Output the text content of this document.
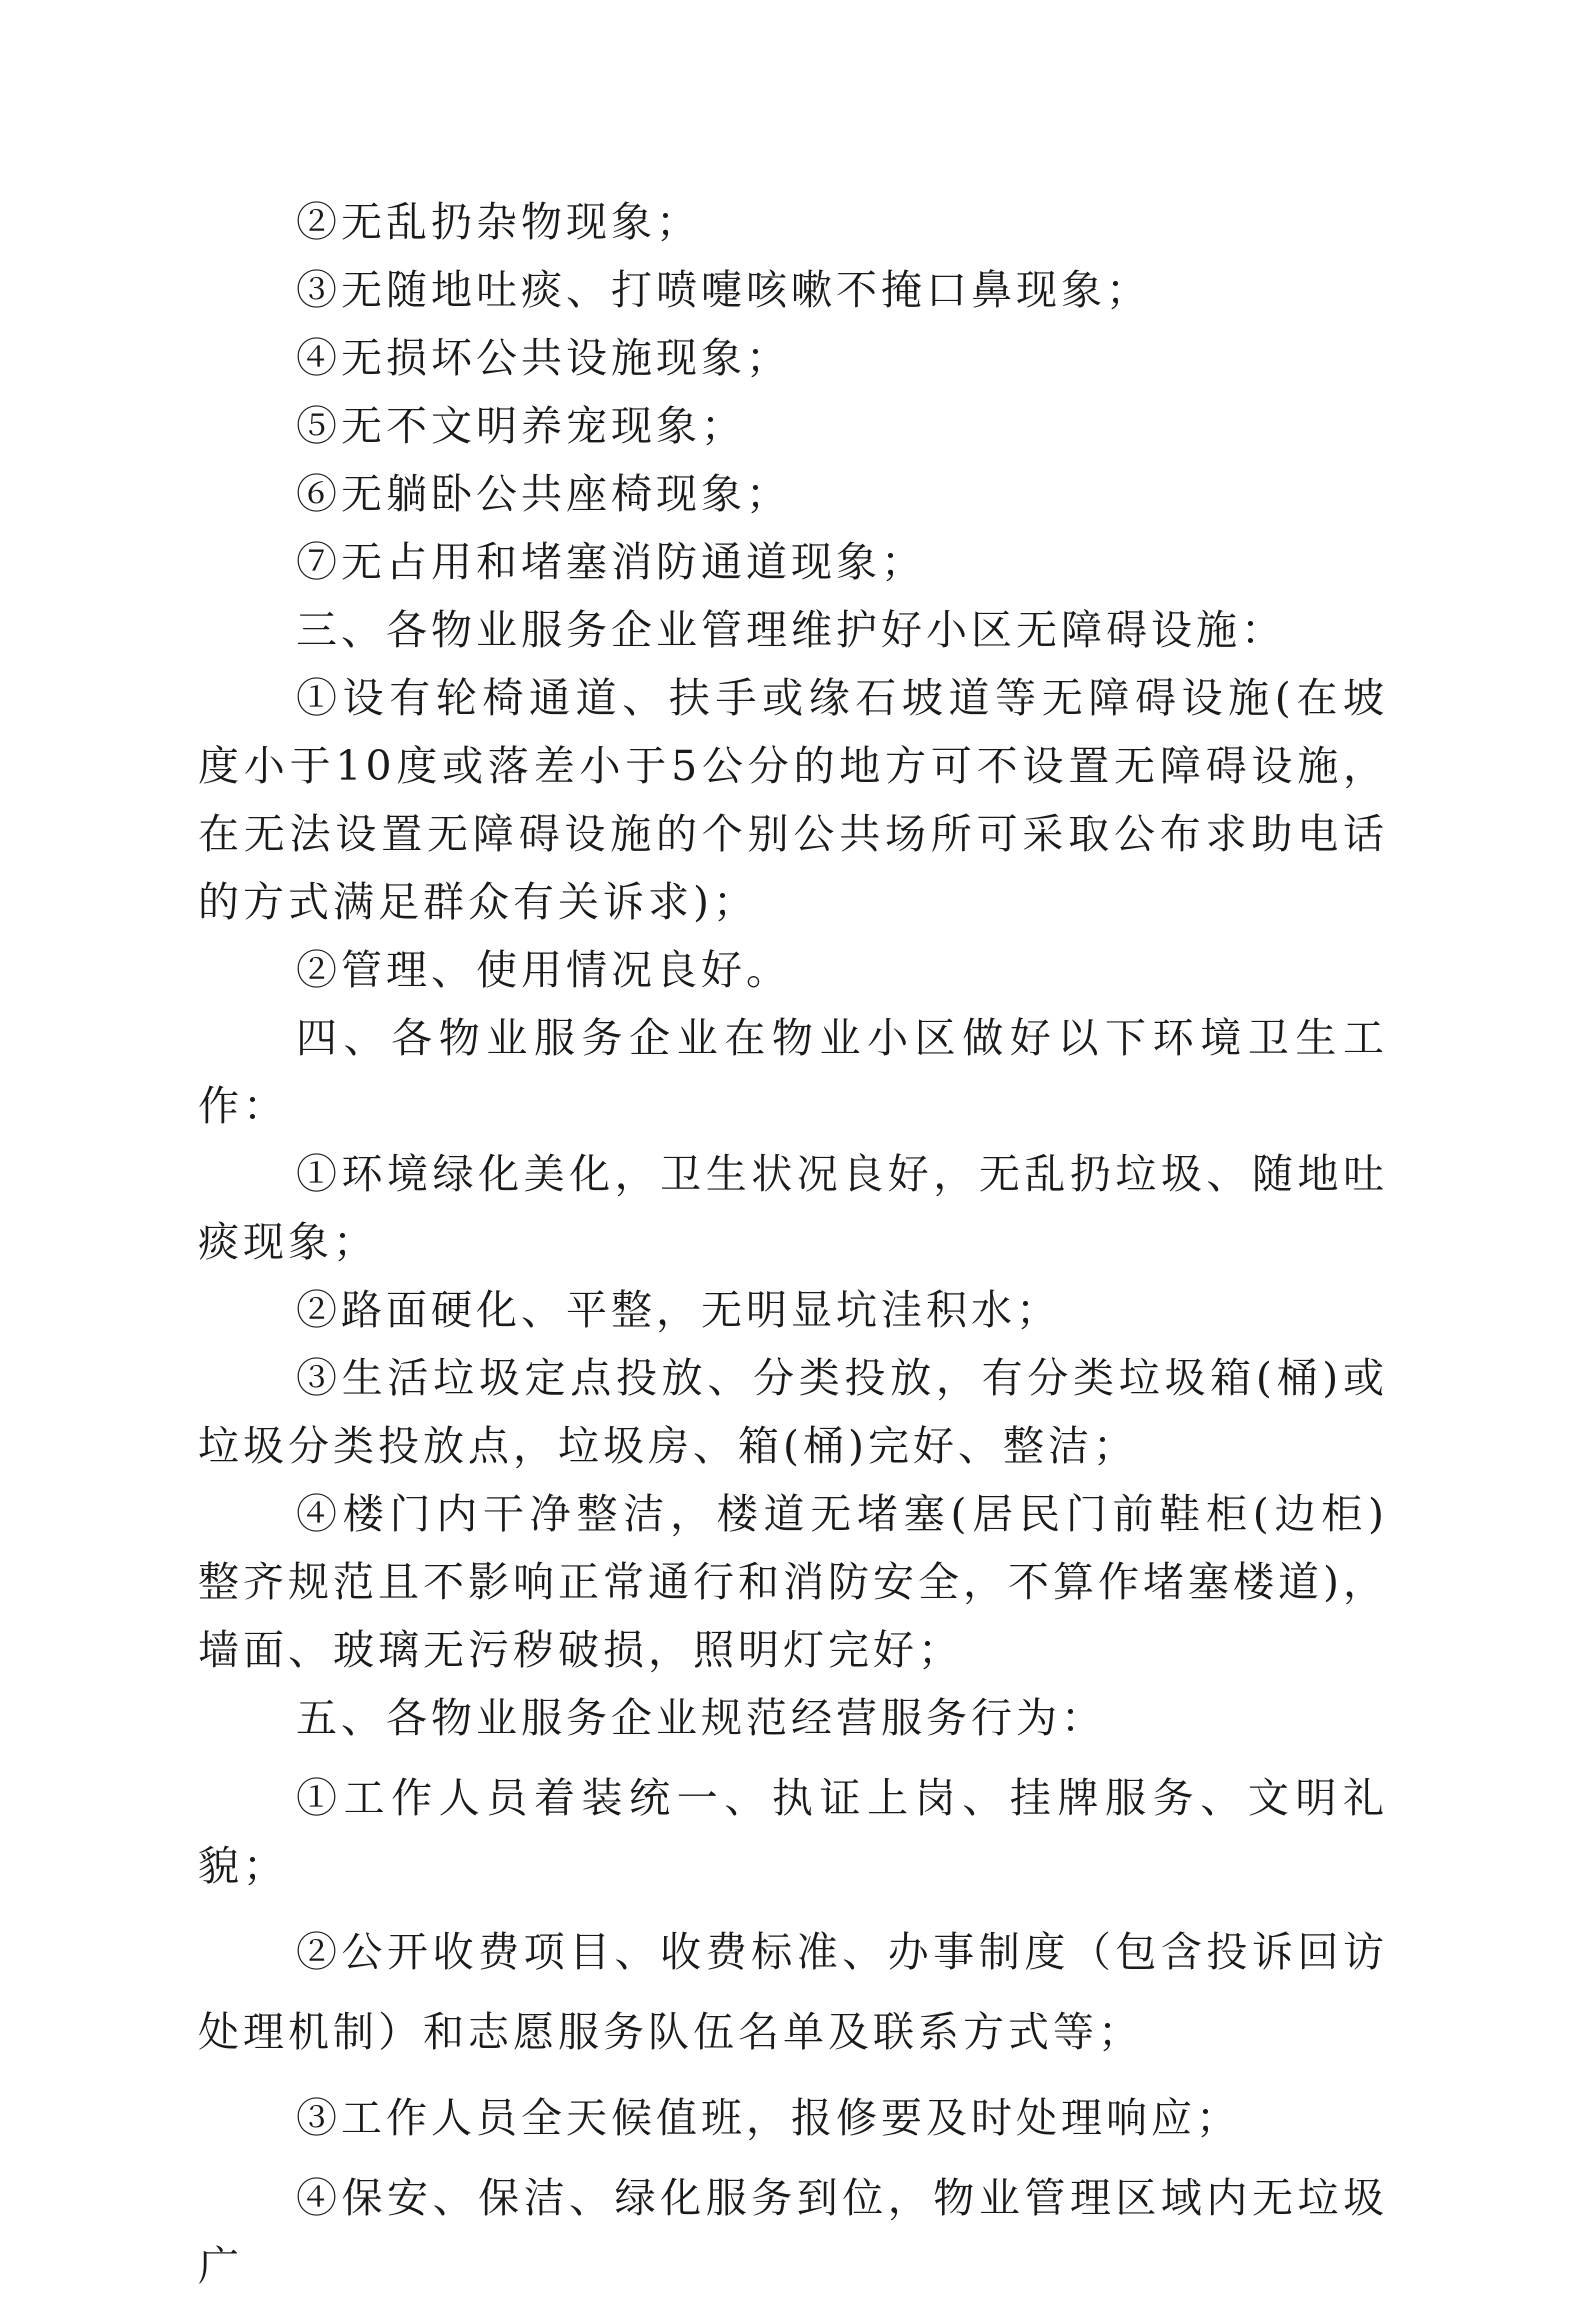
②无乱扔杂物现象；

③无随地吐痰、打喷嚏咳嗽不掩口鼻现象；

④无损坏公共设施现象；

⑤无不文明养宠现象；

⑥无躺卧公共座椅现象；

⑦无占用和堵塞消防通道现象；

三、各物业服务企业管理维护好小区无障碍设施：

①设有轮椅通道、扶手或缘石坡道等无障碍设施(在坡度小于10度或落差小于5公分的地方可不设置无障碍设施，在无法设置无障碍设施的个别公共场所可采取公布求助电话的方式满足群众有关诉求)；

②管理、使用情况良好。

四、各物业服务企业在物业小区做好以下环境卫生工作：

①环境绿化美化，卫生状况良好，无乱扔垃圾、随地吐痰现象；

②路面硬化、平整，无明显坑洼积水；

③生活垃圾定点投放、分类投放，有分类垃圾箱(桶)或垃圾分类投放点，垃圾房、箱(桶)完好、整洁；

④楼门内干净整洁，楼道无堵塞(居民门前鞋柜(边柜)整齐规范且不影响正常通行和消防安全，不算作堵塞楼道)，墙面、玻璃无污秽破损，照明灯完好；

五、各物业服务企业规范经营服务行为：

①工作人员着装统一、执证上岗、挂牌服务、文明礼貌；

②公开收费项目、收费标准、办事制度（包含投诉回访处理机制）和志愿服务队伍名单及联系方式等；

③工作人员全天候值班，报修要及时处理响应；

④保安、保洁、绿化服务到位，物业管理区域内无垃圾广
